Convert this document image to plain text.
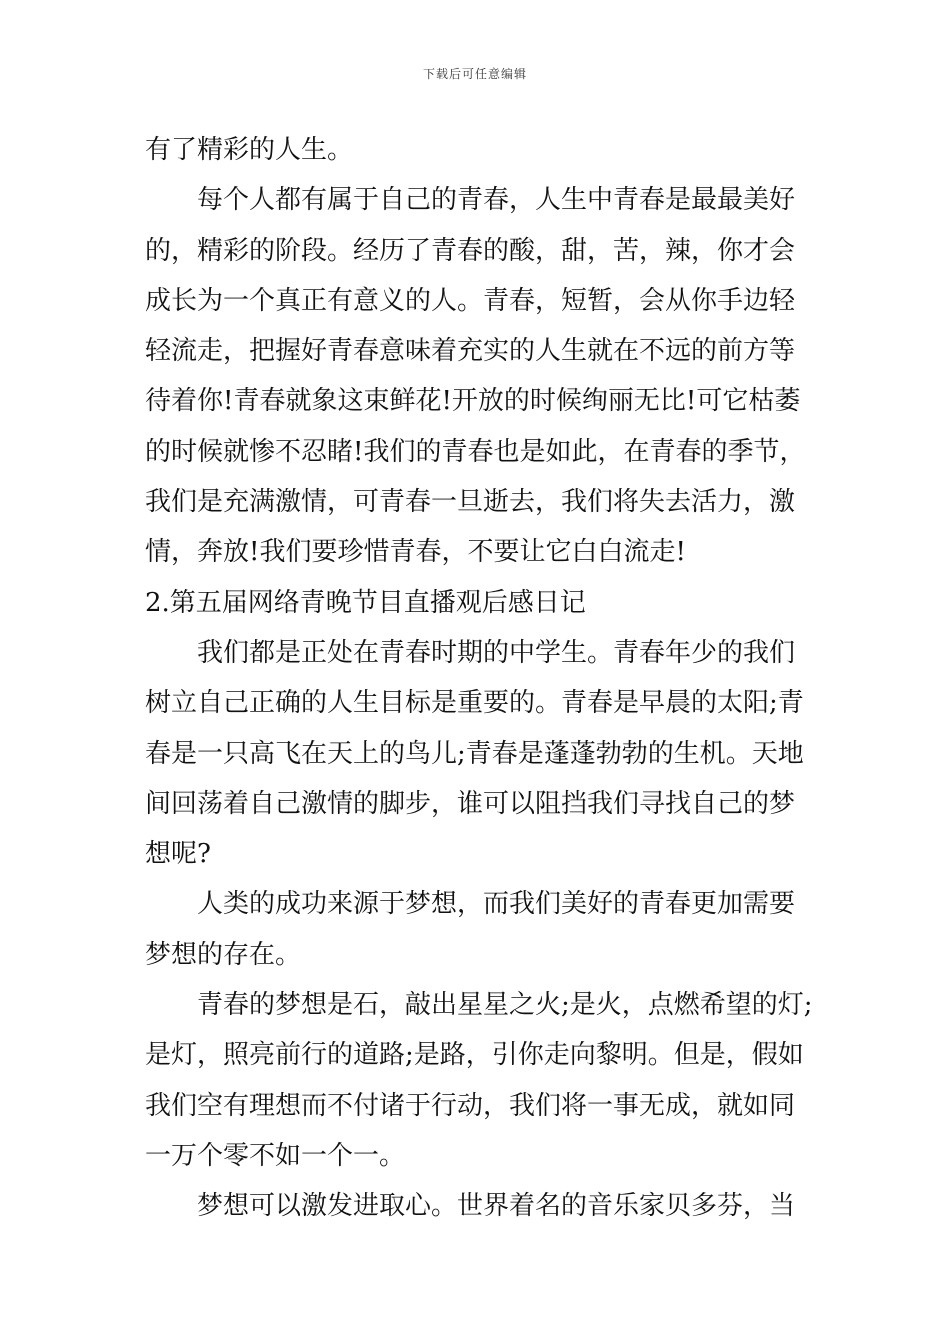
下载后可任意编辑
有了精彩的人生。
每个人都有属于自己的青春，人生中青春是最最美好
的，精彩的阶段。经历了青春的酸，甜，苦，辣，你才会
成长为一个真正有意义的人。青春，短暂，会从你手边轻
轻流走，把握好青春意味着充实的人生就在不远的前方等
待着你!青春就象这束鲜花!开放的时候绚丽无比!可它枯萎
的时候就惨不忍睹!我们的青春也是如此，在青春的季节，
我们是充满激情，可青春一旦逝去，我们将失去活力，激
情，奔放!我们要珍惜青春，不要让它白白流走!
2.第五届网络青晚节目直播观后感日记
我们都是正处在青春时期的中学生。青春年少的我们
树立自己正确的人生目标是重要的。青春是早晨的太阳;青
春是一只高飞在天上的鸟儿;青春是蓬蓬勃勃的生机。天地
间回荡着自己激情的脚步，谁可以阻挡我们寻找自己的梦
想呢?
人类的成功来源于梦想，而我们美好的青春更加需要
梦想的存在。
青春的梦想是石，敲出星星之火;是火，点燃希望的灯;
是灯，照亮前行的道路;是路，引你走向黎明。但是，假如
我们空有理想而不付诸于行动，我们将一事无成，就如同
一万个零不如一个一。
梦想可以激发进取心。世界着名的音乐家贝多芬，当
